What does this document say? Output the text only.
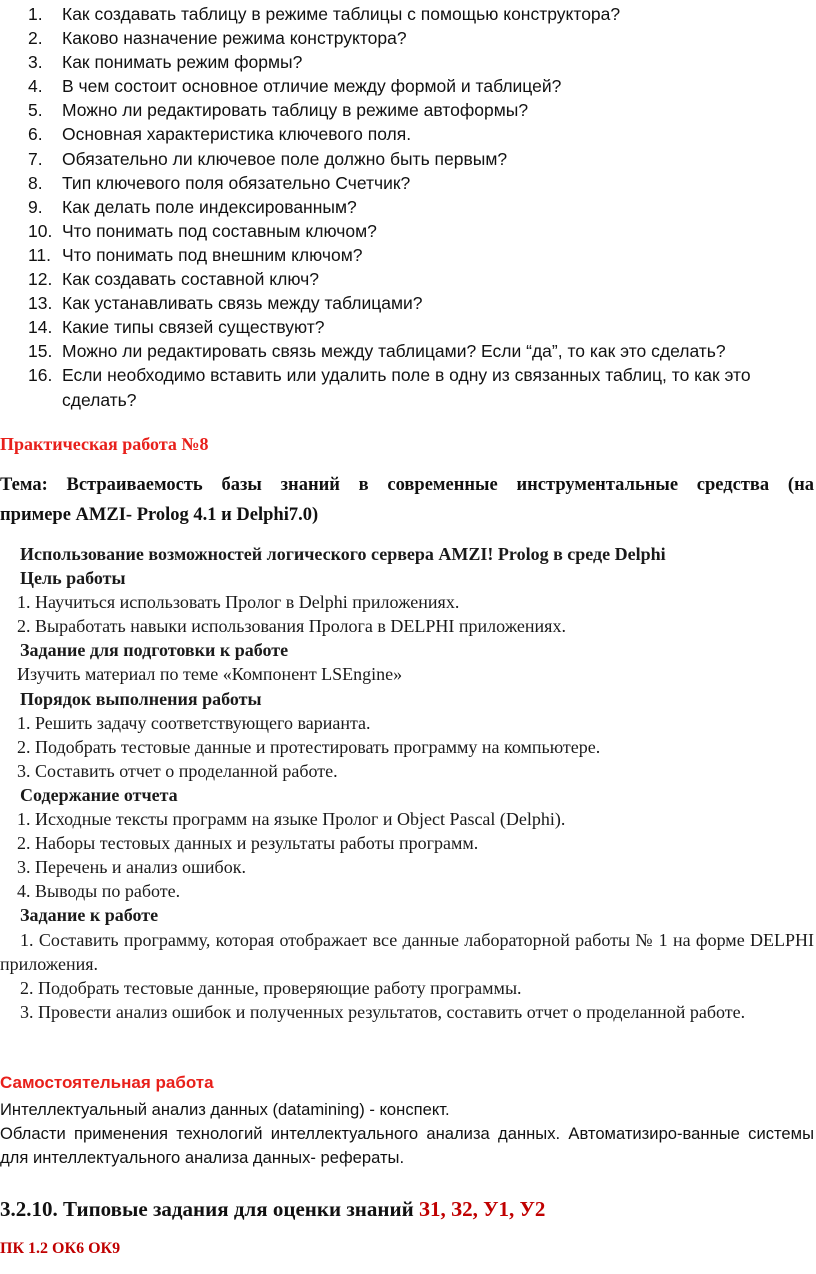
1.	Как создавать таблицу в режиме таблицы с помощью конструктора?
2.	Каково назначение режима конструктора?
3.	Как понимать режим формы?
4.	В чем состоит основное отличие между формой и таблицей?
5.	Можно ли редактировать таблицу в режиме автоформы?
6.	Основная характеристика ключевого поля.
7.	Обязательно ли ключевое поле должно быть первым?
8.	Тип ключевого поля обязательно Счетчик?
9.	Как делать поле индексированным?
10. Что понимать под составным ключом?
11. Что понимать под внешним ключом?
12. Как создавать составной ключ?
13. Как устанавливать связь между таблицами?
14. Какие типы связей существуют?
15. Можно ли редактировать связь между таблицами? Если “да”, то как это сделать?
16. Если необходимо вставить или удалить поле в одну из связанных таблиц, то как это сделать?
Практическая работа №8
Тема: Встраиваемость базы знаний в современные инструментальные средства (на
примере AMZI- Prolog 4.1 и Delphi7.0)
Использование возможностей логического сервера AMZI! Prolog в среде Delphi
Цель работы
1. Научиться использовать Пролог в Delphi приложениях.
2. Выработать навыки использования Пролога в DELPHI приложениях.
Задание для подготовки к работе
Изучить материал по теме «Компонент LSEngine»
Порядок выполнения работы
1. Решить задачу соответствующего варианта.
2. Подобрать тестовые данные и протестировать программу на компьютере.
3. Составить отчет о проделанной работе.
Содержание отчета
1. Исходные тексты программ на языке Пролог и Object Pascal (Delphi).
2. Наборы тестовых данных и результаты работы программ.
3. Перечень и анализ ошибок.
4. Выводы по работе.
Задание к работе
1. Составить программу, которая отображает все данные лабораторной работы № 1 на форме DELPHI приложения.
2. Подобрать тестовые данные, проверяющие работу программы.
3. Провести анализ ошибок и полученных результатов, составить отчет о проделанной работе.
Самостоятельная работа
Интеллектуальный анализ данных (datamining) - конспект.
Области применения технологий интеллектуального анализа данных. Автоматизиро-ванные системы для интеллектуального анализа данных- рефераты.
3.2.10. Типовые задания для оценки знаний З1, З2, У1, У2
ПК 1.2 ОК6 ОК9
